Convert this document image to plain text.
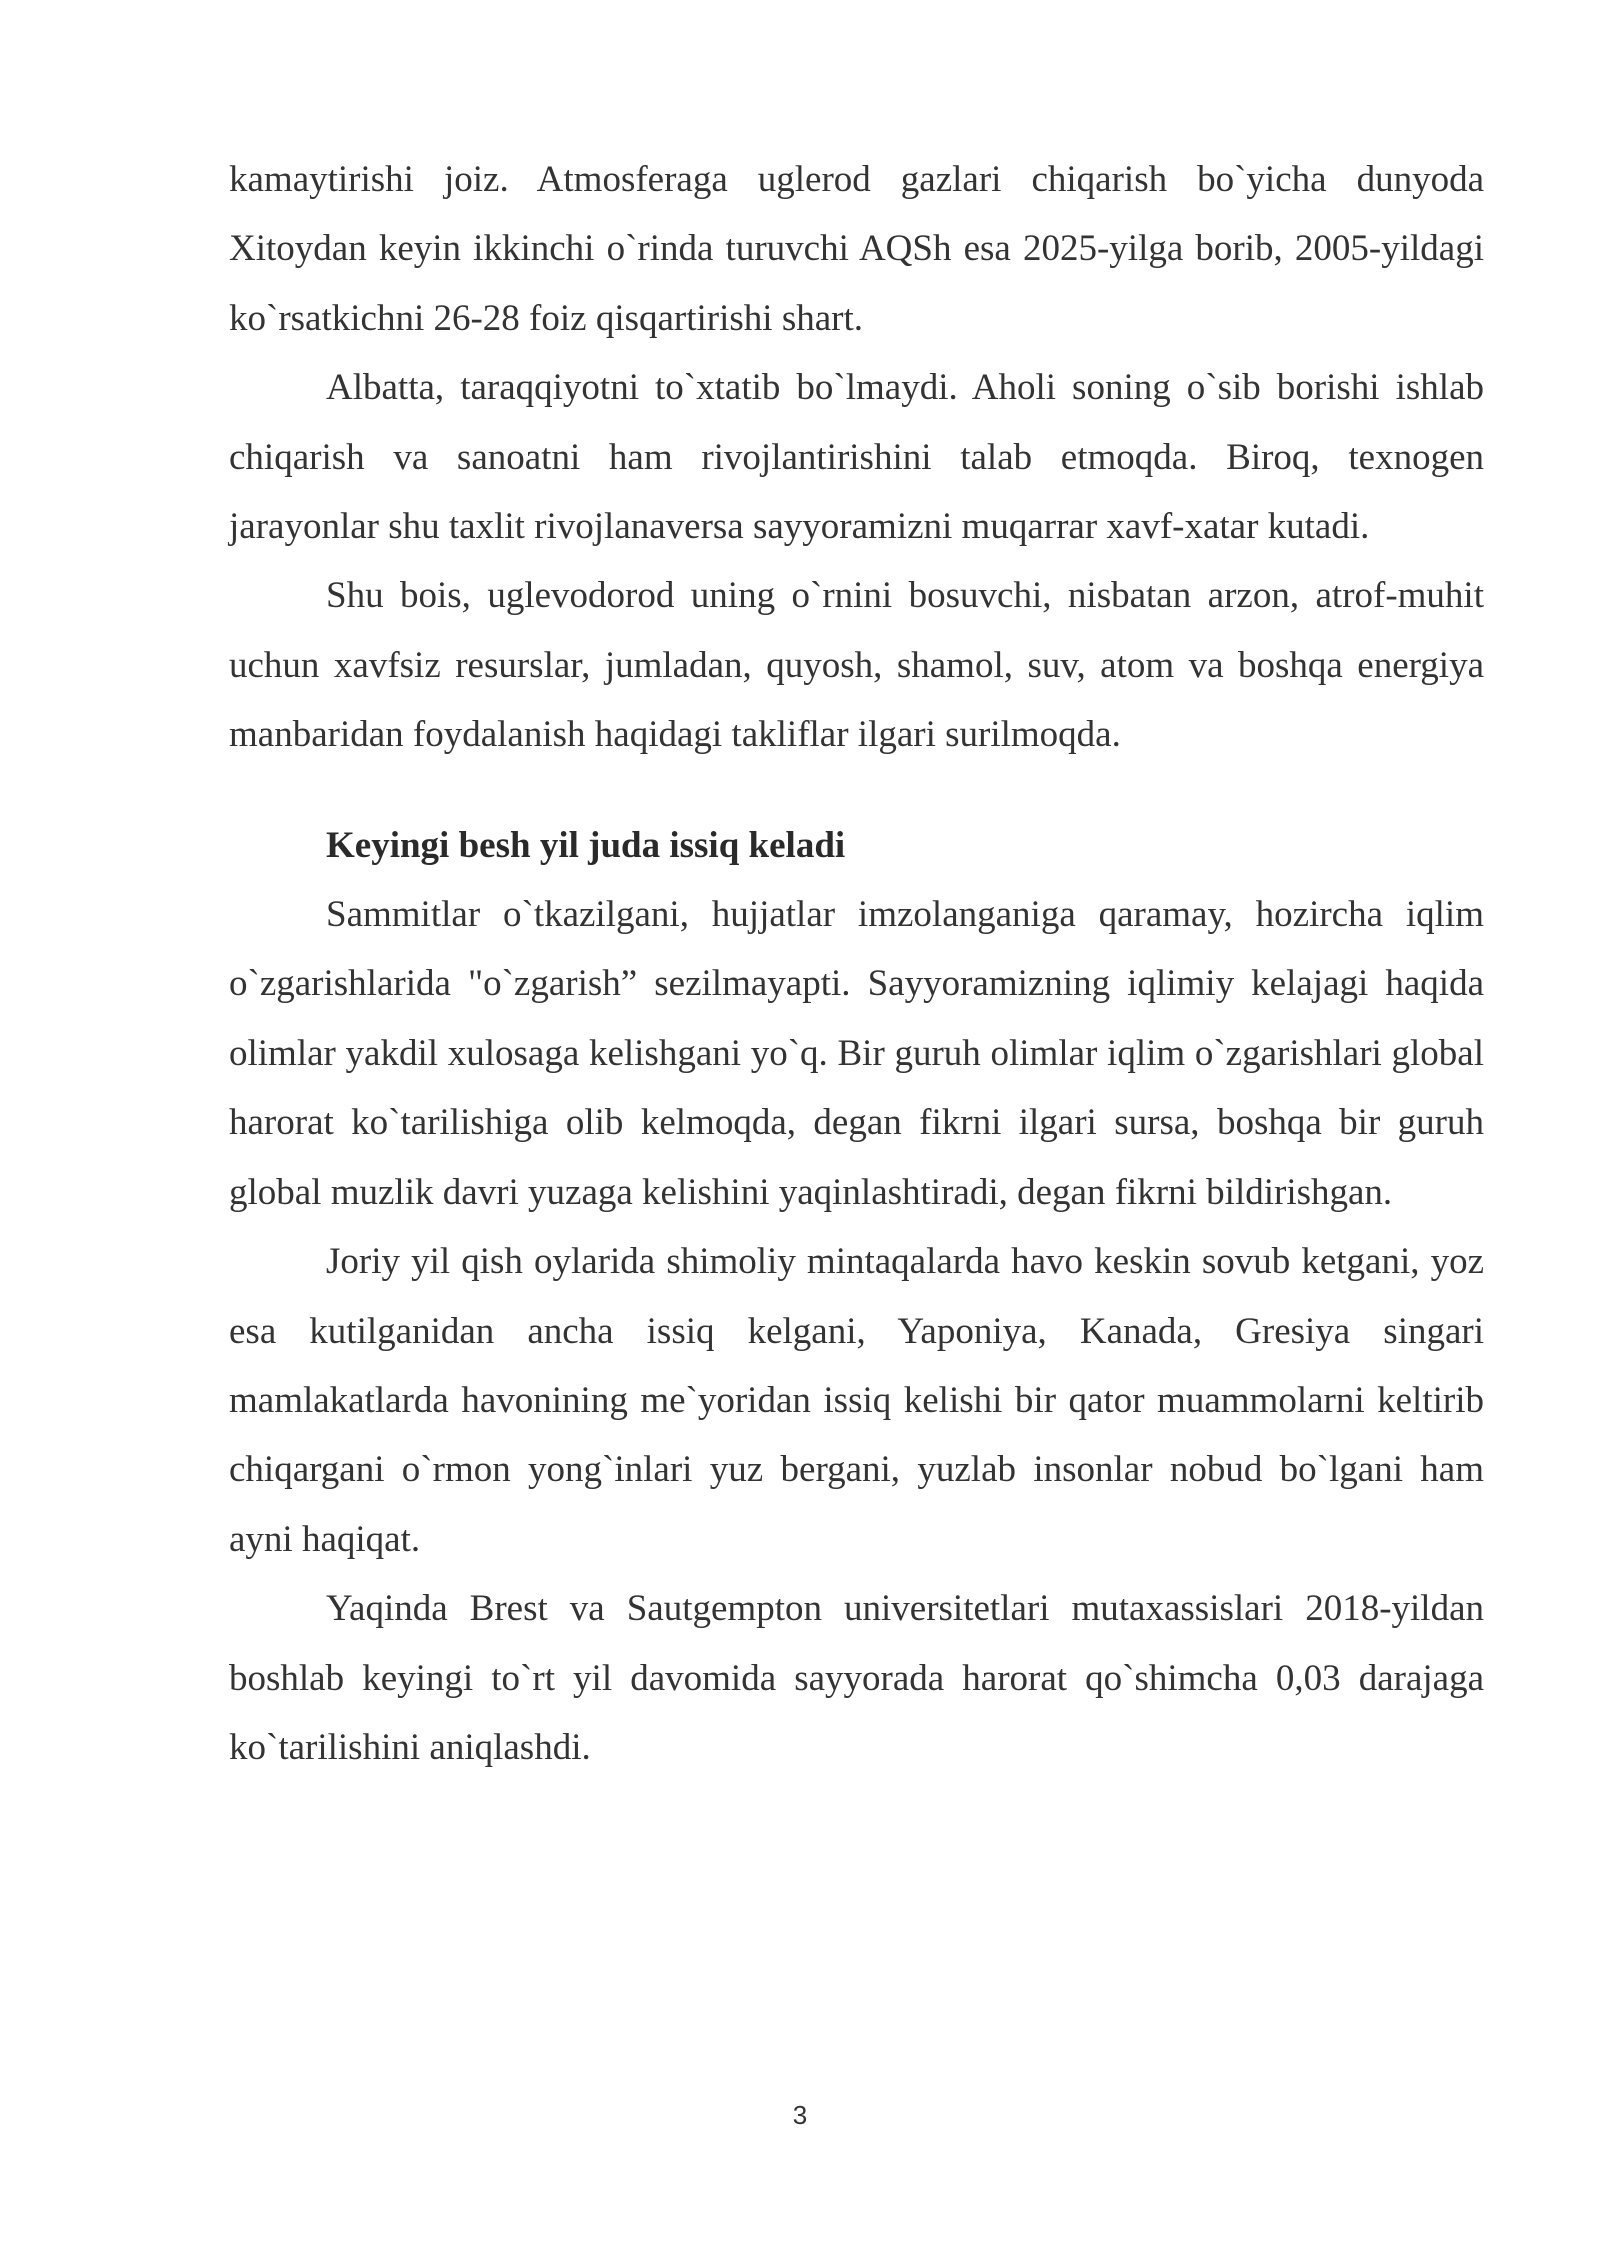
kamaytirishi joiz. Atmosferaga uglerod gazlari chiqarish bo`yicha dunyoda Xitoydan keyin ikkinchi o`rinda turuvchi AQSh esa 2025-yilga borib, 2005-yildagi ko`rsatkichni 26-28 foiz qisqartirishi shart.

Albatta, taraqqiyotni to`xtatib bo`lmaydi. Aholi soning o`sib borishi ishlab chiqarish va sanoatni ham rivojlantirishini talab etmoqda. Biroq, texnogen jarayonlar shu taxlit rivojlanaversa sayyoramizni muqarrar xavf-xatar kutadi.

Shu bois, uglevodorod uning o`rnini bosuvchi, nisbatan arzon, atrof-muhit uchun xavfsiz resurslar, jumladan, quyosh, shamol, suv, atom va boshqa energiya manbaridan foydalanish haqidagi takliflar ilgari surilmoqda.

Keyingi besh yil juda issiq keladi

Sammitlar o`tkazilgani, hujjatlar imzolanganiga qaramay, hozircha iqlim o`zgarishlarida "o`zgarish” sezilmayapti. Sayyoramizning iqlimiy kelajagi haqida olimlar yakdil xulosaga kelishgani yo`q. Bir guruh olimlar iqlim o`zgarishlari global harorat ko`tarilishiga olib kelmoqda, degan fikrni ilgari sursa, boshqa bir guruh global muzlik davri yuzaga kelishini yaqinlashtiradi, degan fikrni bildirishgan.

Joriy yil qish oylarida shimoliy mintaqalarda havo keskin sovub ketgani, yoz esa kutilganidan ancha issiq kelgani, Yaponiya, Kanada, Gresiya singari mamlakatlarda havonining me`yoridan issiq kelishi bir qator muammolarni keltirib chiqargani o`rmon yong`inlari yuz bergani, yuzlab insonlar nobud bo`lgani ham ayni haqiqat.

Yaqinda Brest va Sautgempton universitetlari mutaxassislari 2018-yildan boshlab keyingi to`rt yil davomida sayyorada harorat qo`shimcha 0,03 darajaga ko`tarilishini aniqlashdi.

3
